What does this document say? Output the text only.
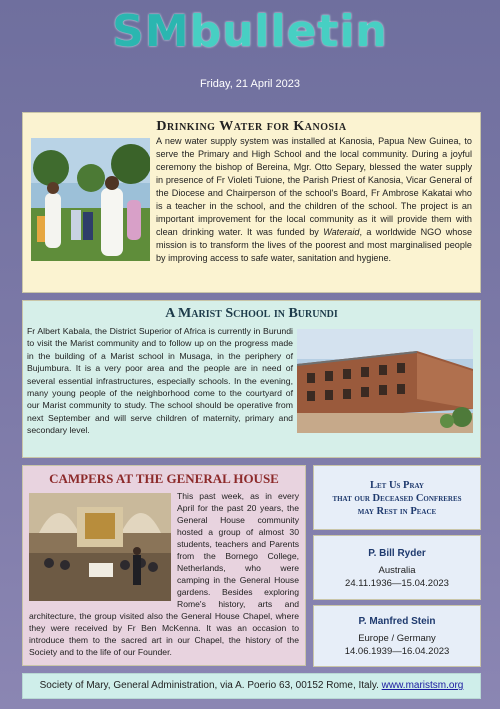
SMbulletin
Friday, 21 April 2023
Drinking Water for Kanosia
A new water supply system was installed at Kanosia, Papua New Guinea, to serve the Primary and High School and the local community. During a joyful ceremony the bishop of Bereina, Mgr. Otto Separy, blessed the water supply in presence of Fr Violeti Tuione, the Parish Priest of Kanosia, Vicar General of the Diocese and Chairperson of the school's Board, Fr Ambrose Kakatai who is a teacher in the school, and the children of the school. The project is an important improvement for the local community as it will provide them with clean drinking water. It was funded by Wateraid, a worldwide NGO whose mission is to transform the lives of the poorest and most marginalised people by improving access to safe water, sanitation and hygiene.
A Marist School in Burundi
Fr Albert Kabala, the District Superior of Africa is currently in Burundi to visit the Marist community and to follow up on the progress made in the building of a Marist school in Musaga, in the periphery of Bujumbura. It is a very poor area and the people are in need of several essential infrastructures, especially schools. In the evening, many young people of the neighborhood come to the courtyard of our Marist community to study. The school should be operative from next September and will serve children of maternity, primary and secondary level.
CAMPERS AT THE GENERAL HOUSE
This past week, as in every April for the past 20 years, the General House community hosted a group of almost 30 students, teachers and Parents from the Bornego College, Netherlands, who were camping in the General House gardens. Besides exploring Rome's history, arts and architecture, the group visited also the General House Chapel, where they were received by Fr Ben McKenna. It was an occasion to introduce them to the sacred art in our Chapel, the history of the Society and to the life of our Founder.
Let Us Pray
that our Deceased Confreres
may Rest in Peace
P. Bill Ryder
Australia
24.11.1936—15.04.2023
P. Manfred Stein
Europe / Germany
14.06.1939—16.04.2023
Society of Mary, General Administration, via A. Poerio 63, 00152 Rome, Italy. www.maristsm.org
